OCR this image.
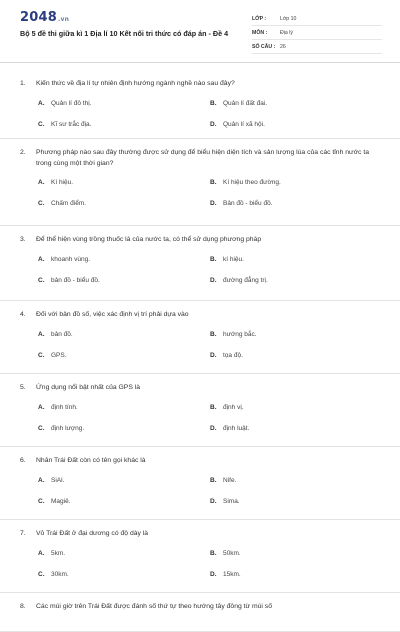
2048.vn
Bộ 5 đề thi giữa kì 1 Địa lí 10 Kết nối tri thức có đáp án - Đề 4
LỚP :	Lớp 10
MÔN :	Địa lý
SỐ CÂU : 26
1.	Kiến thức về địa lí tự nhiên định hướng ngành nghề nào sau đây?
A.	Quản lí đô thị.	B.	Quản lí đất đai.
C.	Kĩ sư trắc địa.	D.	Quản lí xã hội.
2.	Phương pháp nào sau đây thường được sử dụng để biểu hiện diện tích và sản lượng lúa của các tỉnh nước ta trong cùng một thời gian?
A.	Kí hiệu.	B.	Kí hiệu theo đường.
C.	Chấm điểm.	D.	Bản đồ - biểu đồ.
3.	Để thể hiện vùng trồng thuốc lá của nước ta, có thể sử dụng phương pháp
A.	khoanh vùng.	B.	kí hiệu.
C.	bản đồ - biểu đồ.	D.	đường đẳng trị.
4.	Đối với bản đồ số, việc xác định vị trí phải dựa vào
A.	bản đồ.	B.	hướng bắc.
C.	GPS.	D.	tọa độ.
5.	Ứng dụng nổi bật nhất của GPS là
A.	định tính.	B.	định vị.
C.	định lượng.	D.	định luật.
6.	Nhân Trái Đất còn có tên gọi khác là
A.	SiAl.	B.	Nife.
C.	Magiê.	D.	Sima.
7.	Vỏ Trái Đất ở đại dương có độ dày là
A.	5km.	B.	50km.
C.	30km.	D.	15km.
8.	Các múi giờ trên Trái Đất được đánh số thứ tự theo hướng tây đông từ múi số
